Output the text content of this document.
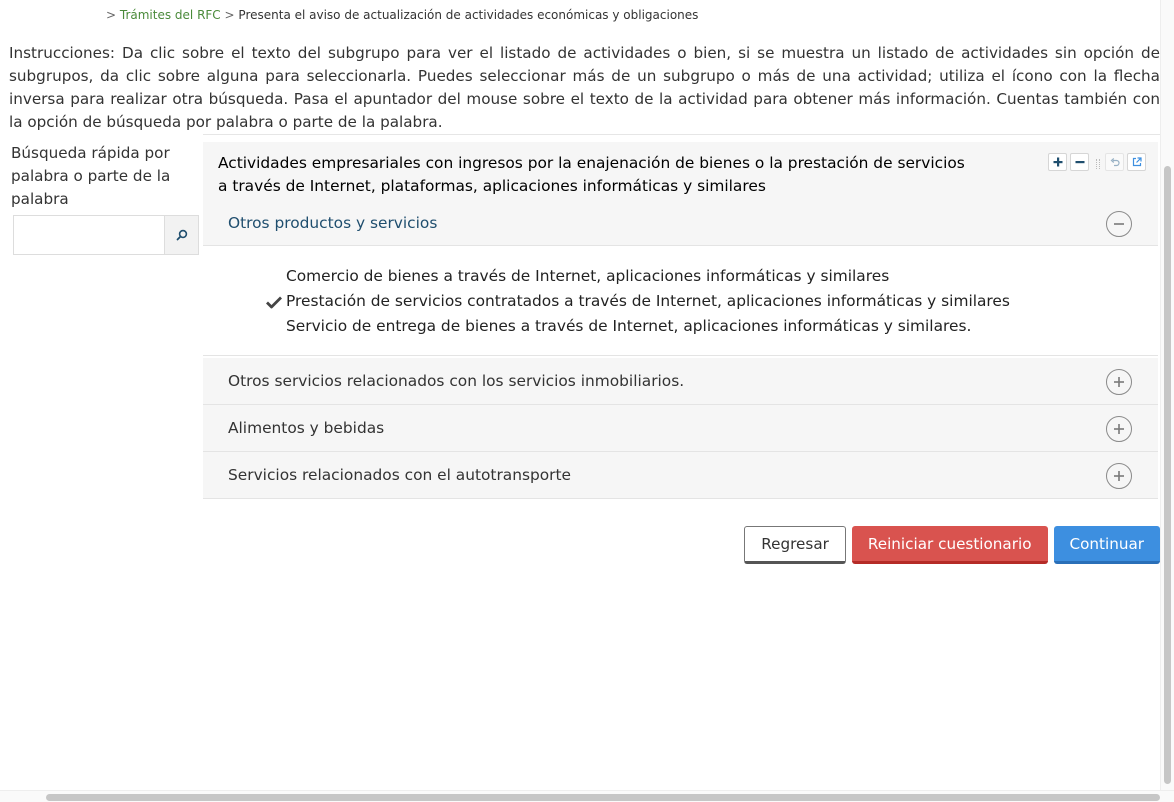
> Trámites del RFC > Presenta el aviso de actualización de actividades económicas y obligaciones

Instrucciones: Da clic sobre el texto del subgrupo para ver el listado de actividades o bien, si se muestra un listado de actividades sin opción de subgrupos, da clic sobre alguna para seleccionarla. Puedes seleccionar más de un subgrupo o más de una actividad; utiliza el ícono con la flecha inversa para realizar otra búsqueda. Pasa el apuntador del mouse sobre el texto de la actividad para obtener más información. Cuentas también con la opción de búsqueda por palabra o parte de la palabra.

Búsqueda rápida por palabra o parte de la palabra
Actividades empresariales con ingresos por la enajenación de bienes o la prestación de servicios a través de Internet, plataformas, aplicaciones informáticas y similares
Otros productos y servicios
Comercio de bienes a través de Internet, aplicaciones informáticas y similares
Prestación de servicios contratados a través de Internet, aplicaciones informáticas y similares
Servicio de entrega de bienes a través de Internet, aplicaciones informáticas y similares.
Otros servicios relacionados con los servicios inmobiliarios.
Alimentos y bebidas
Servicios relacionados con el autotransporte
Regresar	Reiniciar cuestionario	Continuar
